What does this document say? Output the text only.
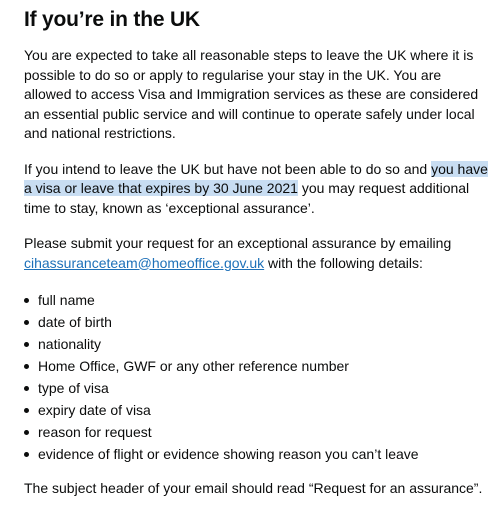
If you’re in the UK

You are expected to take all reasonable steps to leave the UK where it is possible to do so or apply to regularise your stay in the UK. You are allowed to access Visa and Immigration services as these are considered an essential public service and will continue to operate safely under local and national restrictions.

If you intend to leave the UK but have not been able to do so and you have a visa or leave that expires by 30 June 2021 you may request additional time to stay, known as ‘exceptional assurance’.

Please submit your request for an exceptional assurance by emailing cihassuranceteam@homeoffice.gov.uk with the following details:

full name
date of birth
nationality
Home Office, GWF or any other reference number
type of visa
expiry date of visa
reason for request
evidence of flight or evidence showing reason you can’t leave

The subject header of your email should read “Request for an assurance”.
